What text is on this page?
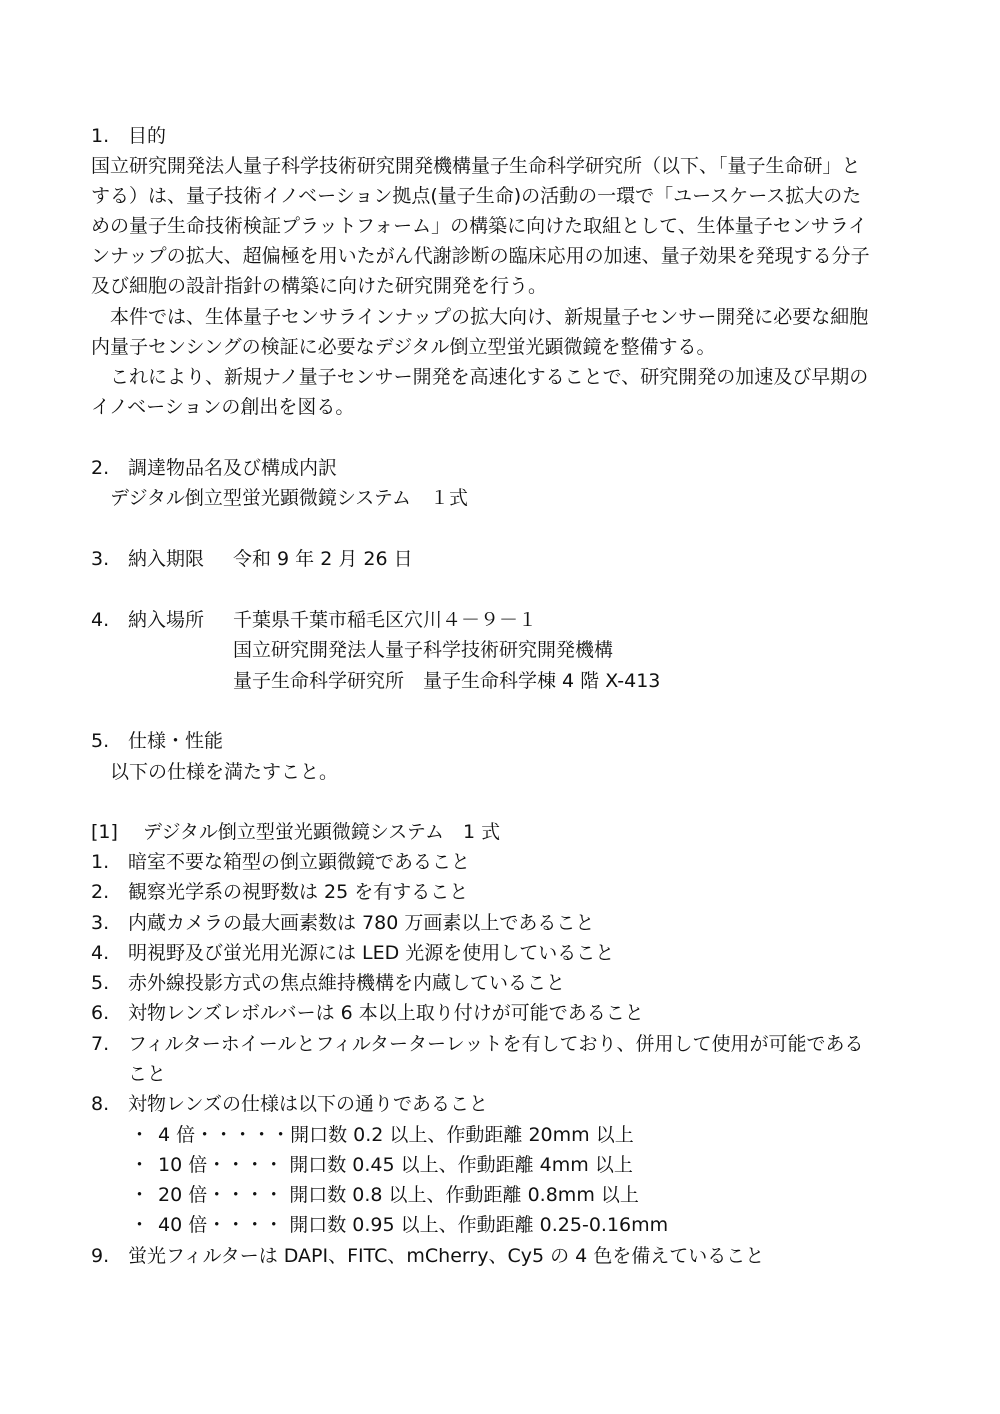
1. 目的
国立研究開発法人量子科学技術研究開発機構量子生命科学研究所（以下、「量子生命研」と
する）は、量子技術イノベーション拠点(量子生命)の活動の一環で「ユースケース拡大のた
めの量子生命技術検証プラットフォーム」の構築に向けた取組として、生体量子センサライ
ンナップの拡大、超偏極を用いたがん代謝診断の臨床応用の加速、量子効果を発現する分子
及び細胞の設計指針の構築に向けた研究開発を行う。
本件では、生体量子センサラインナップの拡大向け、新規量子センサー開発に必要な細胞
内量子センシングの検証に必要なデジタル倒立型蛍光顕微鏡を整備する。
これにより、新規ナノ量子センサー開発を高速化することで、研究開発の加速及び早期の
イノベーションの創出を図る。
2. 調達物品名及び構成内訳
デジタル倒立型蛍光顕微鏡システム　１式
3. 納入期限 令和 9 年 2 月 26 日
4. 納入場所 千葉県千葉市稲毛区穴川４－９－１
国立研究開発法人量子科学技術研究開発機構
量子生命科学研究所　量子生命科学棟 4 階 X-413
5. 仕様・性能
以下の仕様を満たすこと。
[1] デジタル倒立型蛍光顕微鏡システム　1 式
1. 暗室不要な箱型の倒立顕微鏡であること
2. 観察光学系の視野数は 25 を有すること
3. 内蔵カメラの最大画素数は 780 万画素以上であること
4. 明視野及び蛍光用光源には LED 光源を使用していること
5. 赤外線投影方式の焦点維持機構を内蔵していること
6. 対物レンズレボルバーは 6 本以上取り付けが可能であること
7. フィルターホイールとフィルターターレットを有しており、併用して使用が可能である
こと
8. 対物レンズの仕様は以下の通りであること
・ 4 倍・・・・・開口数 0.2 以上、作動距離 20mm 以上
・ 10 倍・・・・ 開口数 0.45 以上、作動距離 4mm 以上
・ 20 倍・・・・ 開口数 0.8 以上、作動距離 0.8mm 以上
・ 40 倍・・・・ 開口数 0.95 以上、作動距離 0.25-0.16mm
9. 蛍光フィルターは DAPI、FITC、mCherry、Cy5 の 4 色を備えていること
